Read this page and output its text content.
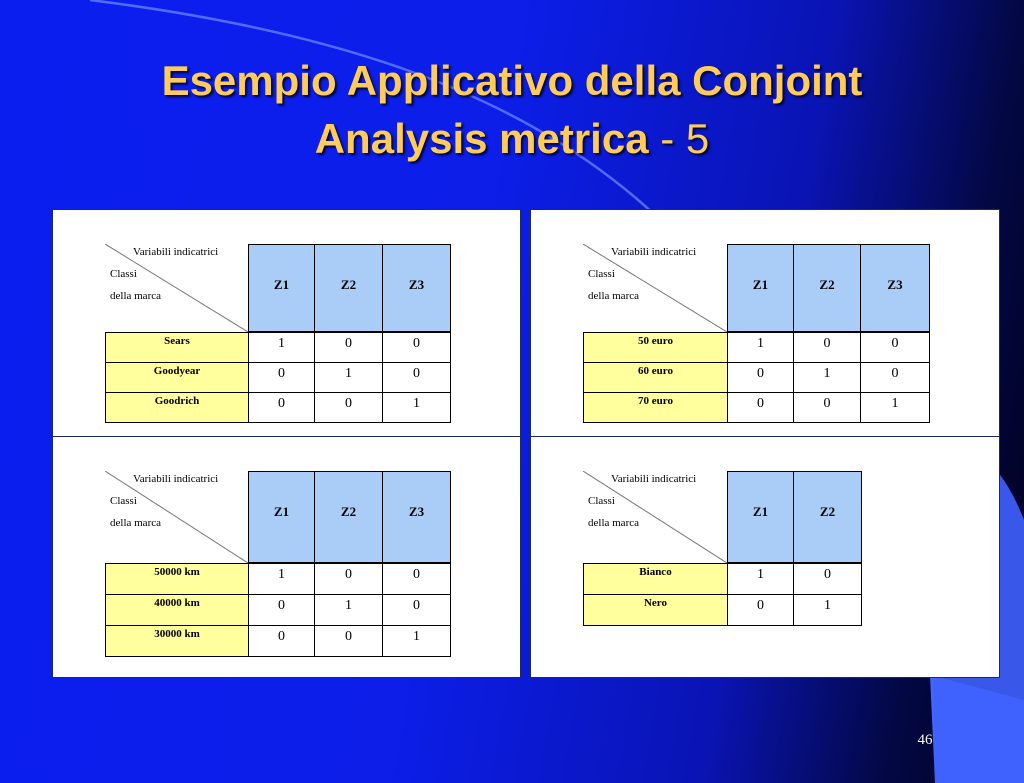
Esempio Applicativo della Conjoint
Analysis metrica - 5
Variabili indicatrici
Classi
della marca
Z1	Z2	Z3
Sears	1	0	0
Goodyear	0	1	0
Goodrich	0	0	1
Variabili indicatrici
Classi
della marca
Z1	Z2	Z3
50 euro	1	0	0
60 euro	0	1	0
70 euro	0	0	1
Variabili indicatrici
Classi
della marca
Z1	Z2	Z3
50000 km	1	0	0
40000 km	0	1	0
30000 km	0	0	1
Variabili indicatrici
Classi
della marca
Z1	Z2
Bianco	1	0
Nero	0	1
46
